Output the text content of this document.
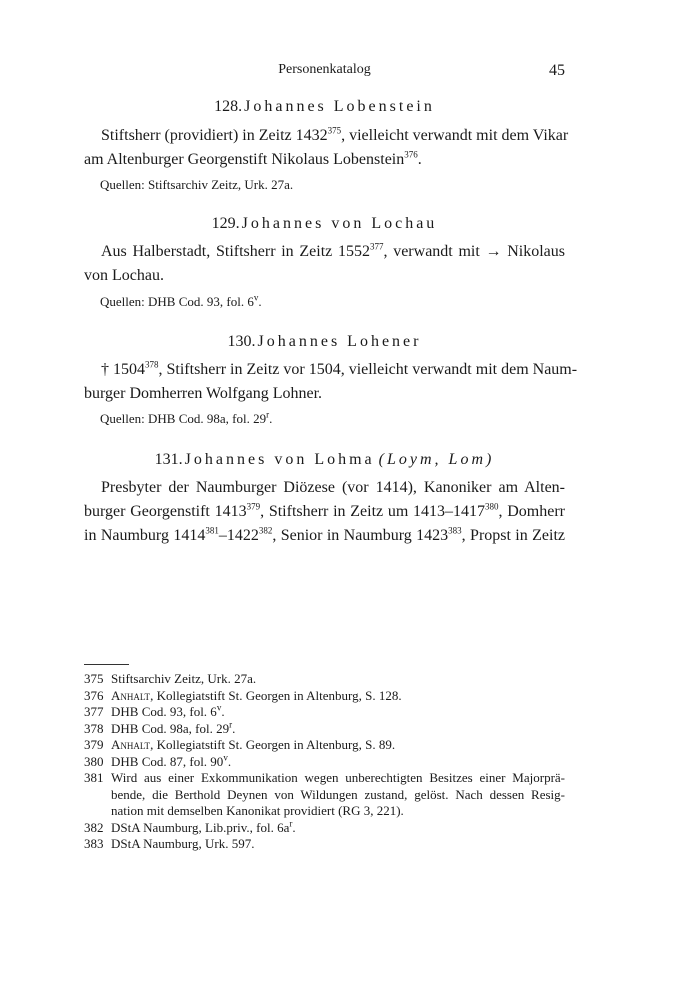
Personenkatalog	45
128. Johannes Lobenstein
Stiftsherr (providiert) in Zeitz 1432$^{375}$, vielleicht verwandt mit dem Vikar
am Altenburger Georgenstift Nikolaus Lobenstein$^{376}$.
Quellen: Stiftsarchiv Zeitz, Urk. 27a.
129. Johannes von Lochau
Aus Halberstadt, Stiftsherr in Zeitz 1552$^{377}$, verwandt mit → Nikolaus
von Lochau.
Quellen: DHB Cod. 93, fol. 6$^v$.
130. Johannes Lohener
† 1504$^{378}$, Stiftsherr in Zeitz vor 1504, vielleicht verwandt mit dem Naum-
burger Domherren Wolfgang Lohner.
Quellen: DHB Cod. 98a, fol. 29$^r$.
131. Johannes von Lohma (Loym, Lom)
Presbyter der Naumburger Diözese (vor 1414), Kanoniker am Alten-
burger Georgenstift 1413$^{379}$, Stiftsherr in Zeitz um 1413–1417$^{380}$, Domherr
in Naumburg 1414$^{381}$–1422$^{382}$, Senior in Naumburg 1423$^{383}$, Propst in Zeitz
375 Stiftsarchiv Zeitz, Urk. 27a.
376 Anhalt, Kollegiatstift St. Georgen in Altenburg, S. 128.
377 DHB Cod. 93, fol. 6$^v$.
378 DHB Cod. 98a, fol. 29$^r$.
379 Anhalt, Kollegiatstift St. Georgen in Altenburg, S. 89.
380 DHB Cod. 87, fol. 90$^v$.
381 Wird aus einer Exkommunikation wegen unberechtigten Besitzes einer Majorprä-
bende, die Berthold Deynen von Wildungen zustand, gelöst. Nach dessen Resig-
nation mit demselben Kanonikat providiert (RG 3, 221).
382 DStA Naumburg, Lib.priv., fol. $6a^r$.
383 DStA Naumburg, Urk. 597.
